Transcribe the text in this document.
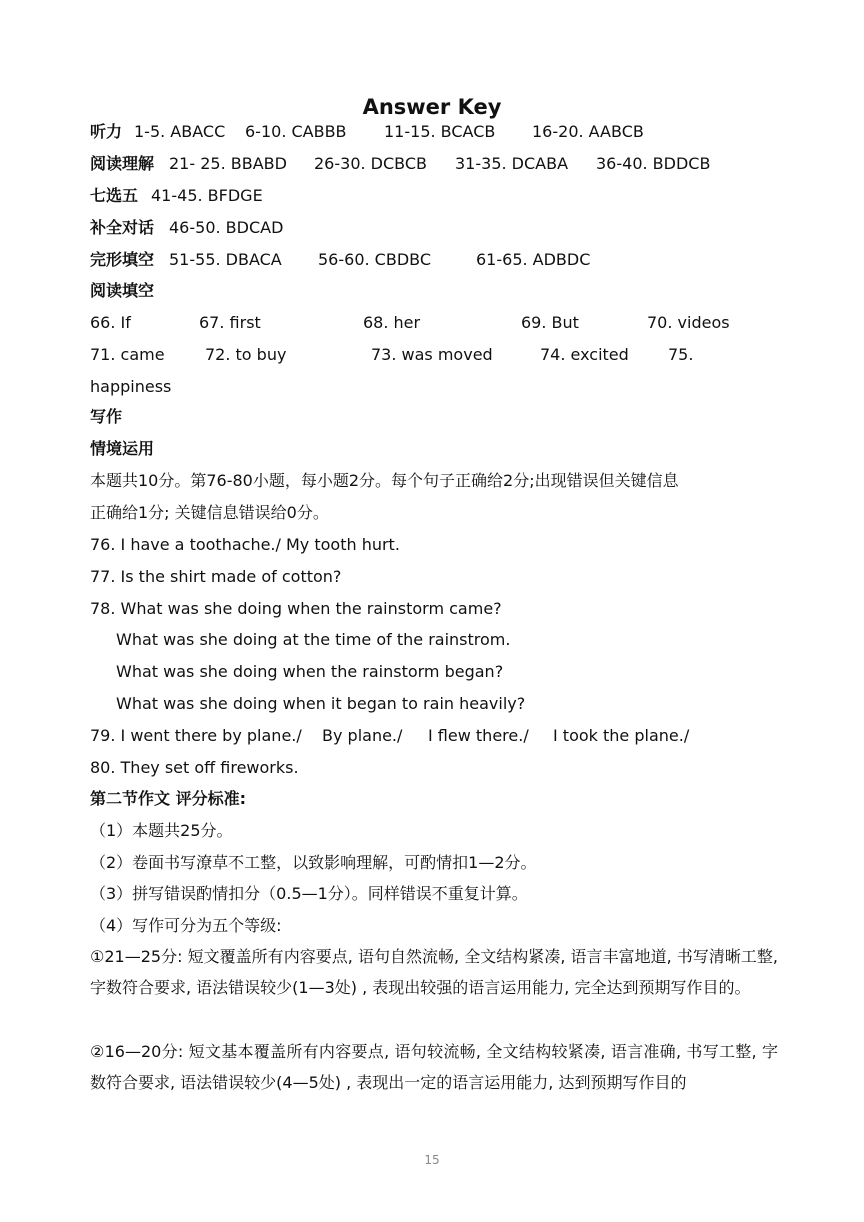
Answer Key
听力 1-5. ABACC 6-10. CABBB 11-15. BCACB 16-20. AABCB
阅读理解 21- 25. BBABD 26-30. DCBCB 31-35. DCABA 36-40. BDDCB
七选五 41-45. BFDGE
补全对话 46-50. BDCAD
完形填空 51-55. DBACA 56-60. CBDBC	61-65. ADBDC
阅读填空
66. If	67. first	68. her	69. But	70. videos
71. came	72. to buy	73. was moved	74. excited 75.
happiness
写作
情境运用
本题共10分。第76-80小题，每小题2分。每个句子正确给2分;出现错误但关键信息
正确给1分; 关键信息错误给0分。
76. I have a toothache./ My tooth hurt.
77. Is the shirt made of cotton?
78. What was she doing when the rainstorm came?
What was she doing at the time of the rainstrom.
What was she doing when the rainstorm began?
What was she doing when it began to rain heavily?
79. I went there by plane./ By plane./ I flew there./ I took the plane./
80. They set off fireworks.
第二节作文 评分标准:
（1）本题共25分。
（2）卷面书写潦草不工整，以致影响理解，可酌情扣1—2分。
（3）拼写错误酌情扣分（0.5—1分）。同样错误不重复计算。
（4）写作可分为五个等级:
①21—25分: 短文覆盖所有内容要点, 语句自然流畅, 全文结构紧凑, 语言丰富地道, 书写清晰工整, 字数符合要求, 语法错误较少(1—3处) , 表现出较强的语言运用能力, 完全达到预期写作目的。
②16—20分: 短文基本覆盖所有内容要点, 语句较流畅, 全文结构较紧凑, 语言准确, 书写工整, 字数符合要求, 语法错误较少(4—5处) , 表现出一定的语言运用能力, 达到预期写作目的
15
